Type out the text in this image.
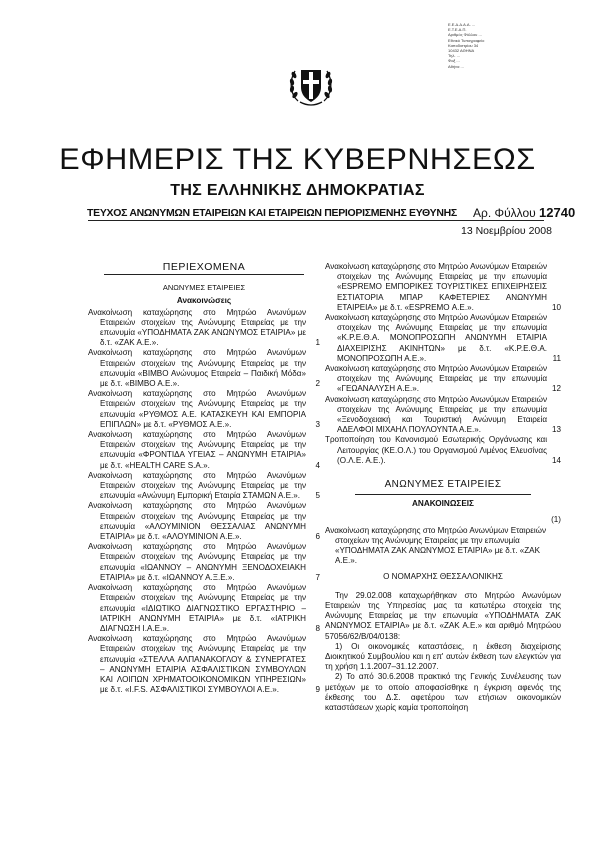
Ε.Ε.Δ.Δ.Α.Α. ...
Ε.Τ.Ε.Α.Π.
Αριθμός Φύλλου ...
Εθνικό Τυπογραφείο
Καποδιστρίου 34
10432 ΑΘΗΝΑ
Τηλ. ...
Φαξ ...
Αθήνα ...
ΕΦΗΜΕΡΙΣ ΤΗΣ ΚΥΒΕΡΝΗΣΕΩΣ
ΤΗΣ ΕΛΛΗΝΙΚΗΣ ΔΗΜΟΚΡΑΤΙΑΣ
ΤΕΥΧΟΣ ΑΝΩΝΥΜΩΝ ΕΤΑΙΡΕΙΩΝ ΚΑΙ ΕΤΑΙΡΕΙΩΝ ΠΕΡΙΟΡΙΣΜΕΝΗΣ ΕΥΘΥΝΗΣ Αρ. Φύλλου 12740
13 Νοεμβρίου 2008
ΠΕΡΙΕΧΟΜΕΝΑ
ΑΝΩΝΥΜΕΣ ΕΤΑΙΡΕΙΕΣ
Ανακοινώσεις
Ανακοίνωση καταχώρησης στο Μητρώο Ανωνύμων Εταιρειών στοιχείων της Ανώνυμης Εταιρείας με την επωνυμία «ΥΠΟΔΗΜΑΤΑ ΖΑΚ ΑΝΩΝΥΜΟΣ ΕΤΑΙΡΙΑ» με δ.τ. «ΖΑΚ Α.Ε.».	1
Ανακοίνωση καταχώρησης στο Μητρώο Ανωνύμων Εταιρειών στοιχείων της Ανώνυμης Εταιρείας με την επωνυμία «ΒΙΜΒΟ Ανώνυμος Εταιρεία – Παιδική Μόδα» με δ.τ. «ΒΙΜΒΟ Α.Ε.».	2
Ανακοίνωση καταχώρησης στο Μητρώο Ανωνύμων Εταιρειών στοιχείων της Ανώνυμης Εταιρείας με την επωνυμία «ΡΥΘΜΟΣ Α.Ε. ΚΑΤΑΣΚΕΥΗ ΚΑΙ ΕΜΠΟΡΙΑ ΕΠΙΠΛΩΝ» με δ.τ. «ΡΥΘΜΟΣ Α.Ε.».	3
Ανακοίνωση καταχώρησης στο Μητρώο Ανωνύμων Εταιρειών στοιχείων της Ανώνυμης Εταιρείας με την επωνυμία «ΦΡΟΝΤΙΔΑ ΥΓΕΙΑΣ – ΑΝΩΝΥΜΗ ΕΤΑΙΡΙΑ» με δ.τ. «HEALTH CARE S.A.».	4
Ανακοίνωση καταχώρησης στο Μητρώο Ανωνύμων Εταιρειών στοιχείων της Ανώνυμης Εταιρείας με την επωνυμία «Ανώνυμη Εμπορική Εταιρία ΣΤΑΜΩΝ Α.Ε.». 5
Ανακοίνωση καταχώρησης στο Μητρώο Ανωνύμων Εταιρειών στοιχείων της Ανώνυμης Εταιρείας με την επωνυμία «ΑΛΟΥΜΙΝΙΟΝ ΘΕΣΣΑΛΙΑΣ ΑΝΩΝΥΜΗ ΕΤΑΙΡΙΑ» με δ.τ. «ΑΛΟΥΜΙΝΙΟΝ Α.Ε.».	6
Ανακοίνωση καταχώρησης στο Μητρώο Ανωνύμων Εταιρειών στοιχείων της Ανώνυμης Εταιρείας με την επωνυμία «ΙΩΑΝΝΟΥ – ΑΝΩΝΥΜΗ ΞΕΝΟΔΟΧΕΙΑΚΗ ΕΤΑΙΡΙΑ» με δ.τ. «ΙΩΑΝΝΟΥ Α.Ξ.Ε.».	7
Ανακοίνωση καταχώρησης στο Μητρώο Ανωνύμων Εταιρειών στοιχείων της Ανώνυμης Εταιρείας με την επωνυμία «ΙΔΙΩΤΙΚΟ ΔΙΑΓΝΩΣΤΙΚΟ ΕΡΓΑΣΤΗΡΙΟ – ΙΑΤΡΙΚΗ ΑΝΩΝΥΜΗ ΕΤΑΙΡΙΑ» με δ.τ. «ΙΑΤΡΙΚΗ ΔΙΑΓΝΩΣΗ Ι.Α.Ε.».	8
Ανακοίνωση καταχώρησης στο Μητρώο Ανωνύμων Εταιρειών στοιχείων της Ανώνυμης Εταιρείας με την επωνυμία «ΣΤΕΛΛΑ ΑΛΠΑΝΑΚΟΓΛΟΥ & ΣΥΝΕΡΓΑΤΕΣ – ΑΝΩΝΥΜΗ ΕΤΑΙΡΙΑ ΑΣΦΑΛΙΣΤΙΚΩΝ ΣΥΜΒΟΥΛΩΝ ΚΑΙ ΛΟΙΠΩΝ ΧΡΗΜΑΤΟΟΙΚΟΝΟΜΙΚΩΝ ΥΠΗΡΕΣΙΩΝ» με δ.τ. «I.F.S. ΑΣΦΑΛΙΣΤΙΚΟΙ ΣΥΜΒΟΥΛΟΙ Α.Ε.».	9
Ανακοίνωση καταχώρησης στο Μητρώο Ανωνύμων Εταιρειών στοιχείων της Ανώνυμης Εταιρείας με την επωνυμία «ESPREMO ΕΜΠΟΡΙΚΕΣ ΤΟΥΡΙΣΤΙΚΕΣ ΕΠΙΧΕΙΡΗΣΕΙΣ ΕΣΤΙΑΤΟΡΙΑ ΜΠΑΡ ΚΑΦΕΤΕΡΙΕΣ ΑΝΩΝΥΜΗ ΕΤΑΙΡΕΙΑ» με δ.τ. «ESPREMO Α.Ε.».	10
Ανακοίνωση καταχώρησης στο Μητρώο Ανωνύμων Εταιρειών στοιχείων της Ανώνυμης Εταιρείας με την επωνυμία «Κ.Ρ.Ε.Θ.Α. ΜΟΝΟΠΡΟΣΩΠΗ ΑΝΩΝΥΜΗ ΕΤΑΙΡΙΑ ΔΙΑΧΕΙΡΙΣΗΣ ΑΚΙΝΗΤΩΝ» με δ.τ. «Κ.Ρ.Ε.Θ.Α. ΜΟΝΟΠΡΟΣΩΠΗ Α.Ε.».	11
Ανακοίνωση καταχώρησης στο Μητρώο Ανωνύμων Εταιρειών στοιχείων της Ανώνυμης Εταιρείας με την επωνυμία «ΓΕΩΑΝΑΛΥΣΗ Α.Ε.».	12
Ανακοίνωση καταχώρησης στο Μητρώο Ανωνύμων Εταιρειών στοιχείων της Ανώνυμης Εταιρείας με την επωνυμία «Ξενοδοχειακή και Τουριστική Ανώνυμη Εταιρεία ΑΔΕΛΦΟΙ ΜΙΧΑΗΛ ΠΟΥΛΟΥΝΤΑ Α.Ε.».	13
Τροποποίηση του Κανονισμού Εσωτερικής Οργάνωσης και Λειτουργίας (ΚΕ.Ο.Λ.) του Οργανισμού Λιμένος Ελευσίνας (Ο.Λ.Ε. Α.Ε.).	14
ΑΝΩΝΥΜΕΣ ΕΤΑΙΡΕΙΕΣ
ΑΝΑΚΟΙΝΩΣΕΙΣ
(1)
Ανακοίνωση καταχώρησης στο Μητρώο Ανωνύμων Εταιρειών στοιχείων της Ανώνυμης Εταιρείας με την επωνυμία «ΥΠΟΔΗΜΑΤΑ ΖΑΚ ΑΝΩΝΥΜΟΣ ΕΤΑΙΡΙΑ» με δ.τ. «ΖΑΚ Α.Ε.».
Ο ΝΟΜΑΡΧΗΣ ΘΕΣΣΑΛΟΝΙΚΗΣ

Την 29.02.008 καταχωρήθηκαν στο Μητρώο Ανωνύμων Εταιρειών της Υπηρεσίας μας τα κατωτέρω στοιχεία της Ανώνυμης Εταιρείας με την επωνυμία «ΥΠΟΔΗΜΑΤΑ ΖΑΚ ΑΝΩΝΥΜΟΣ ΕΤΑΙΡΙΑ» με δ.τ. «ΖΑΚ Α.Ε.» και αριθμό Μητρώου 57056/62/Β/04/0138:

1) Οι οικονομικές καταστάσεις, η έκθεση διαχείρισης Διοικητικού Συμβουλίου και η επ' αυτών έκθεση των ελεγκτών για τη χρήση 1.1.2007–31.12.2007.

2) Το από 30.6.2008 πρακτικό της Γενικής Συνέλευσης των μετόχων με το οποίο αποφασίσθηκε η έγκριση αφενός της έκθεσης του Δ.Σ. αφετέρου των ετήσιων οικονομικών καταστάσεων χωρίς καμία τροποποίηση
